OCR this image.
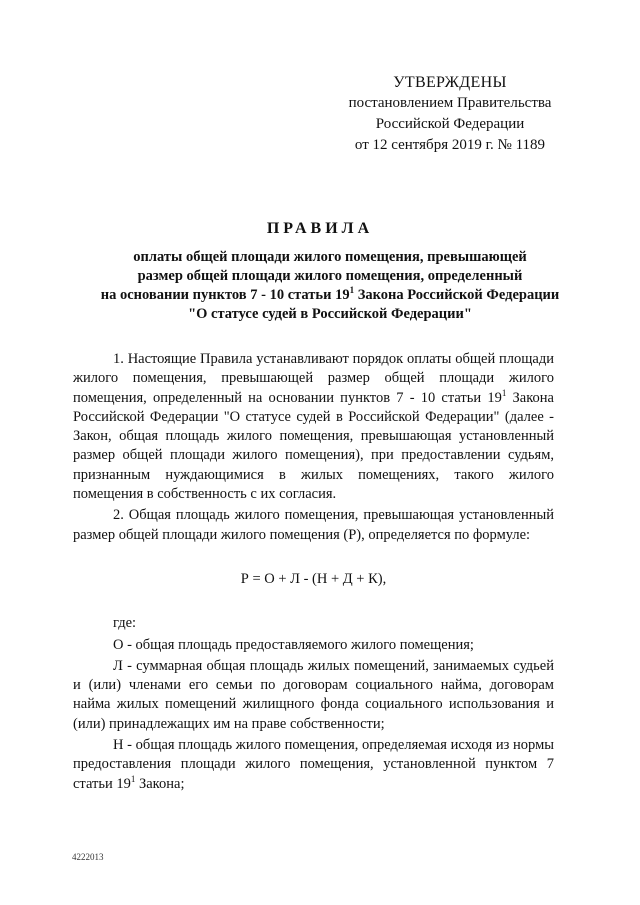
УТВЕРЖДЕНЫ
постановлением Правительства
Российской Федерации
от 12 сентября 2019 г. № 1189
ПРАВИЛА
оплаты общей площади жилого помещения, превышающей
размер общей площади жилого помещения, определенный
на основании пунктов 7 - 10 статьи $19^1$ Закона Российской Федерации
"О статусе судей в Российской Федерации"

1. Настоящие Правила устанавливают порядок оплаты общей площади жилого помещения, превышающей размер общей площади жилого помещения, определенный на основании пунктов 7 - 10 статьи $19^1$ Закона Российской Федерации "О статусе судей в Российской Федерации" (далее - Закон, общая площадь жилого помещения, превышающая установленный размер общей площади жилого помещения), при предоставлении судьям, признанным нуждающимися в жилых помещениях, такого жилого помещения в собственность с их согласия.

2. Общая площадь жилого помещения, превышающая установленный размер общей площади жилого помещения (Р), определяется по формуле:

Р = О + Л - (Н + Д + К),

где:

О - общая площадь предоставляемого жилого помещения;

Л - суммарная общая площадь жилых помещений, занимаемых судьей и (или) членами его семьи по договорам социального найма, договорам найма жилых помещений жилищного фонда социального использования и (или) принадлежащих им на праве собственности;

Н - общая площадь жилого помещения, определяемая исходя из нормы предоставления площади жилого помещения, установленной пунктом 7 статьи $19^1$ Закона;

4222013
